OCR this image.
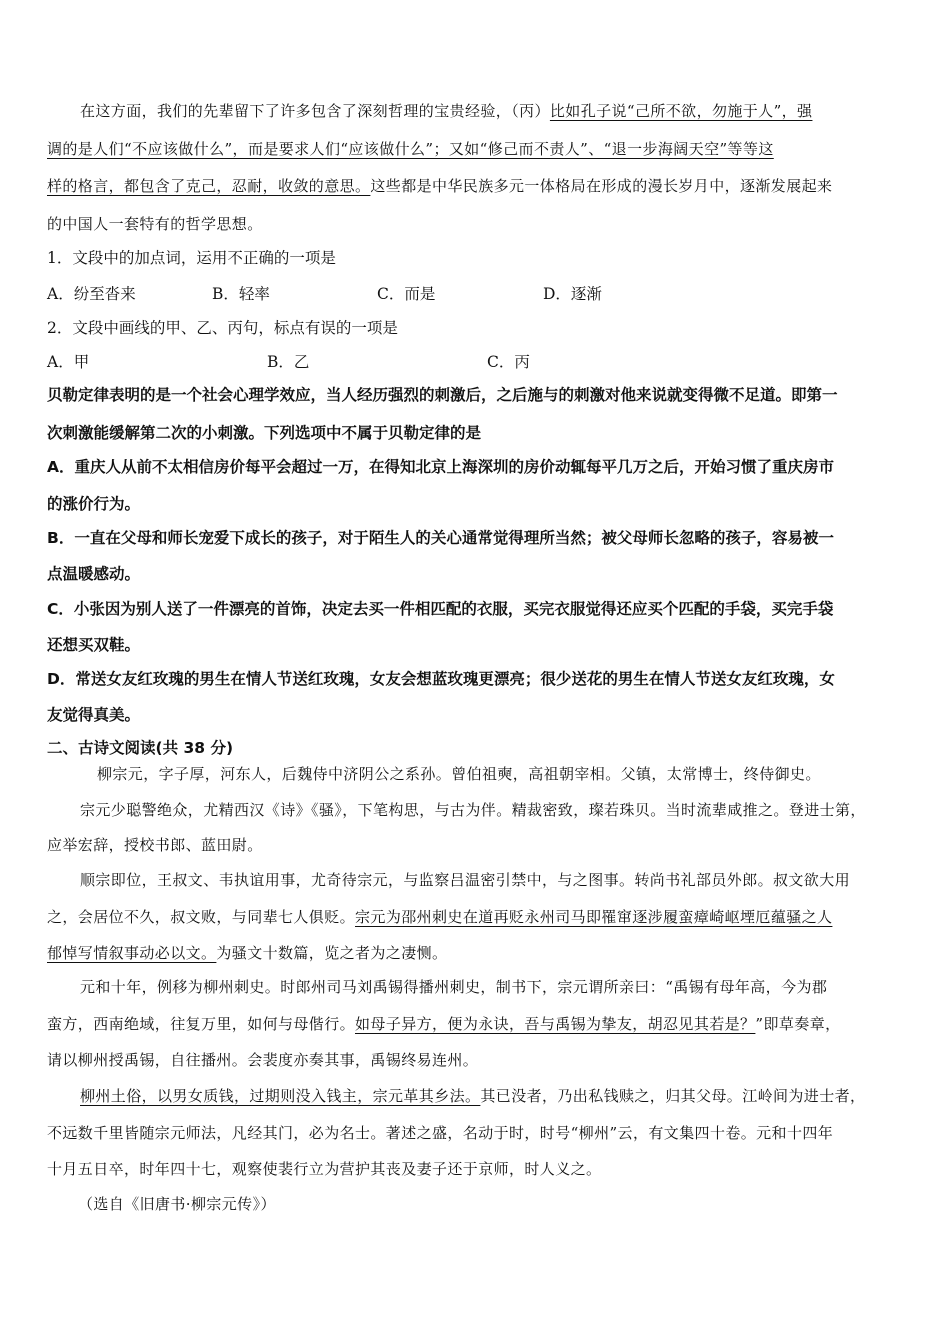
在这方面，我们的先辈留下了许多包含了深刻哲理的宝贵经验，（丙）比如孔子说“己所不欲，勿施于人”，强
调的是人们“不应该做什么”，而是要求人们“应该做什么”；又如“修己而不责人”、“退一步海阔天空”等等这
样的格言，都包含了克己，忍耐，收敛的意思。这些都是中华民族多元一体格局在形成的漫长岁月中，逐渐发展起来
的中国人一套特有的哲学思想。
1．文段中的加点词，运用不正确的一项是
A．纷至沓来	B．轻率	C．而是	D．逐渐
2．文段中画线的甲、乙、丙句，标点有误的一项是
A．甲	B．乙	C．丙
贝勒定律表明的是一个社会心理学效应，当人经历强烈的刺激后，之后施与的刺激对他来说就变得微不足道。即第一
次刺激能缓解第二次的小刺激。下列选项中不属于贝勒定律的是
A．重庆人从前不太相信房价每平会超过一万，在得知北京上海深圳的房价动辄每平几万之后，开始习惯了重庆房市
的涨价行为。
B．一直在父母和师长宠爱下成长的孩子，对于陌生人的关心通常觉得理所当然；被父母师长忽略的孩子，容易被一
点温暖感动。
C．小张因为别人送了一件漂亮的首饰，决定去买一件相匹配的衣服，买完衣服觉得还应买个匹配的手袋，买完手袋
还想买双鞋。
D．常送女友红玫瑰的男生在情人节送红玫瑰，女友会想蓝玫瑰更漂亮；很少送花的男生在情人节送女友红玫瑰，女
友觉得真美。
二、古诗文阅读(共 38 分)
柳宗元，字子厚，河东人，后魏侍中济阴公之系孙。曾伯祖奭，高祖朝宰相。父镇，太常博士，终侍御史。
宗元少聪警绝众，尤精西汉《诗》《骚》，下笔构思，与古为伴。精裁密致，璨若珠贝。当时流辈咸推之。登进士第，
应举宏辞，授校书郎、蓝田尉。
顺宗即位，王叔文、韦执谊用事，尤奇待宗元，与监察吕温密引禁中，与之图事。转尚书礼部员外郎。叔文欲大用
之，会居位不久，叔文败，与同辈七人俱贬。宗元为邵州刺史在道再贬永州司马即罹窜逐涉履蛮瘴崎岖堙厄蕴骚之人
郁悼写情叙事动必以文。为骚文十数篇，览之者为之凄恻。
元和十年，例移为柳州刺史。时郎州司马刘禹锡得播州刺史，制书下，宗元谓所亲曰：“禹锡有母年高，今为郡
蛮方，西南绝域，往复万里，如何与母偕行。如母子异方，便为永诀，吾与禹锡为挚友，胡忍见其若是？”即草奏章，
请以柳州授禹锡，自往播州。会裴度亦奏其事，禹锡终易连州。
柳州土俗，以男女质钱，过期则没入钱主，宗元革其乡法。其已没者，乃出私钱赎之，归其父母。江岭间为进士者，
不远数千里皆随宗元师法，凡经其门，必为名士。著述之盛，名动于时，时号“柳州”云，有文集四十卷。元和十四年
十月五日卒，时年四十七，观察使裴行立为营护其丧及妻子还于京师，时人义之。
（选自《旧唐书·柳宗元传》）
